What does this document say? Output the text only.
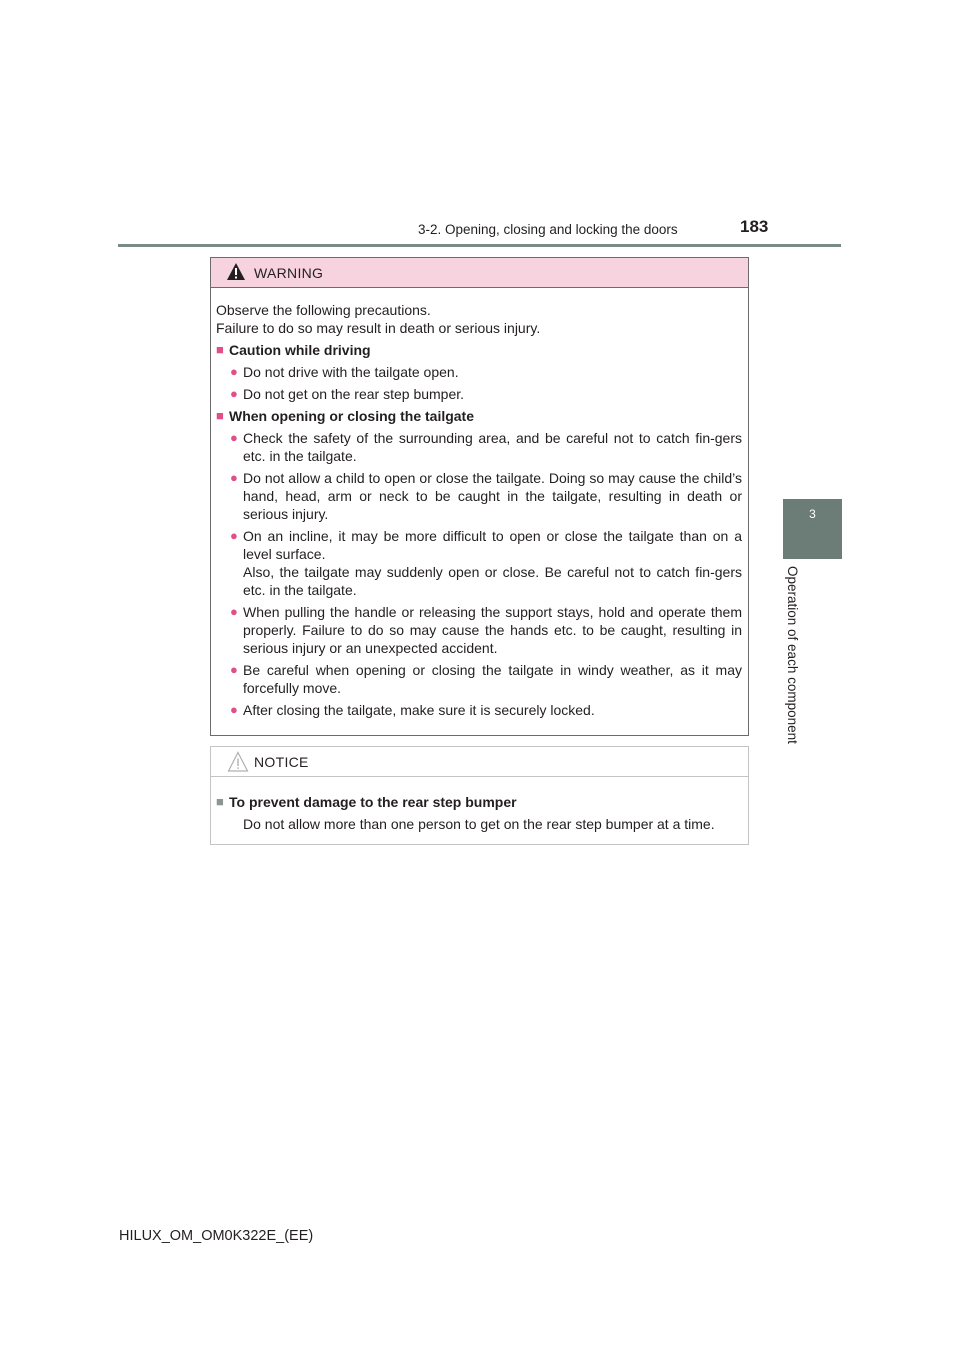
3-2. Opening, closing and locking the doors	183
3
Operation of each component
WARNING
Observe the following precautions.
Failure to do so may result in death or serious injury.
■ Caution while driving
● Do not drive with the tailgate open.
● Do not get on the rear step bumper.
■ When opening or closing the tailgate
● Check the safety of the surrounding area, and be careful not to catch fin-gers etc. in the tailgate.
● Do not allow a child to open or close the tailgate. Doing so may cause the child’s hand, head, arm or neck to be caught in the tailgate, resulting in death or serious injury.
● On an incline, it may be more difficult to open or close the tailgate than on a level surface.
Also, the tailgate may suddenly open or close. Be careful not to catch fin-gers etc. in the tailgate.
● When pulling the handle or releasing the support stays, hold and operate them properly. Failure to do so may cause the hands etc. to be caught, resulting in serious injury or an unexpected accident.
● Be careful when opening or closing the tailgate in windy weather, as it may forcefully move.
● After closing the tailgate, make sure it is securely locked.
NOTICE
■ To prevent damage to the rear step bumper
Do not allow more than one person to get on the rear step bumper at a time.
HILUX_OM_OM0K322E_(EE)
